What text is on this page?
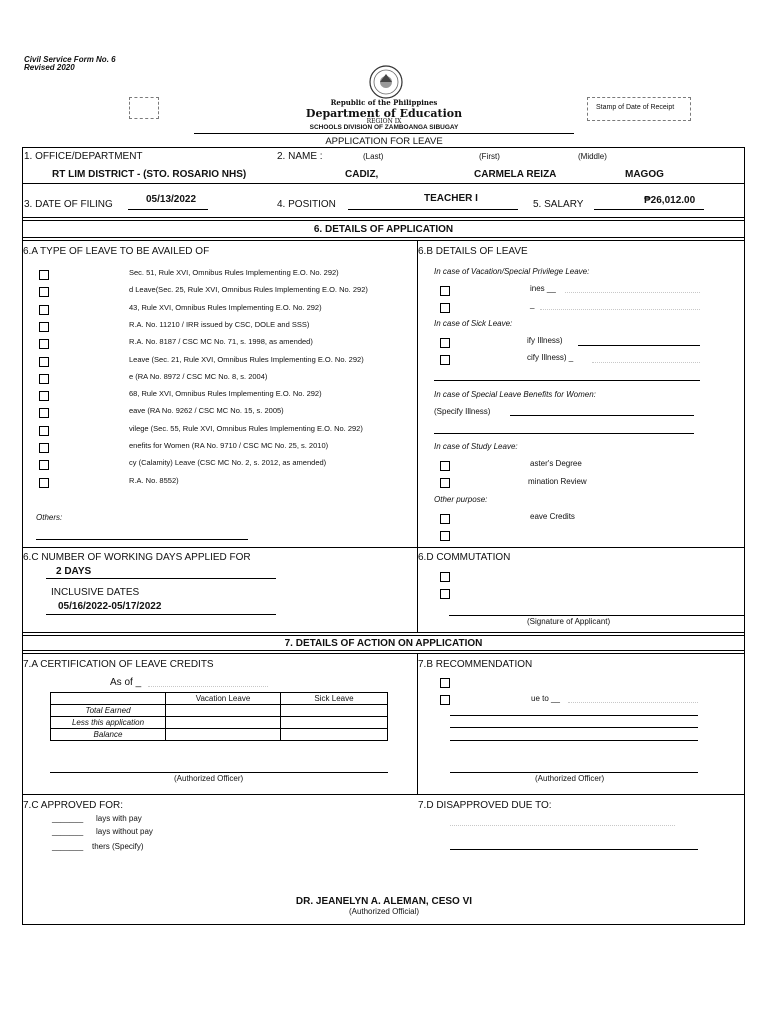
Civil Service Form No. 6
Revised 2020
Republic of the Philippines
Department of Education
REGION IX
SCHOOLS DIVISION OF ZAMBOANGA SIBUGAY
APPLICATION FOR LEAVE
Stamp of Date of Receipt
1. OFFICE/DEPARTMENT
RT LIM DISTRICT - (STO. ROSARIO NHS)
2. NAME :	(Last)	(First)	(Middle)
CADIZ,	CARMELA REIZA	MAGOG
3. DATE OF FILING	05/13/2022	4. POSITION
TEACHER I
5. SALARY	₱26,012.00
6. DETAILS OF APPLICATION
6.A TYPE OF LEAVE TO BE AVAILED OF
Sec. 51, Rule XVI, Omnibus Rules Implementing E.O. No. 292)
d Leave(Sec. 25, Rule XVI, Omnibus Rules Implementing E.O. No. 292)
43, Rule XVI, Omnibus Rules Implementing E.O. No. 292)
R.A. No. 11210 / IRR issued by CSC, DOLE and SSS)
R.A. No. 8187 / CSC MC No. 71, s. 1998, as amended)
Leave (Sec. 21, Rule XVI, Omnibus Rules Implementing E.O. No. 292)
e (RA No. 8972 / CSC MC No. 8, s. 2004)
68, Rule XVI, Omnibus Rules Implementing E.O. No. 292)
eave (RA No. 9262 / CSC MC No. 15, s. 2005)
vilege (Sec. 55, Rule XVI, Omnibus Rules Implementing E.O. No. 292)
enefits for Women (RA No. 9710 / CSC MC No. 25, s. 2010)
cy (Calamity) Leave (CSC MC No. 2, s. 2012, as amended)
R.A. No. 8552)
Others:
6.B DETAILS OF LEAVE
In case of Vacation/Special Privilege Leave:
ines __
_
In case of Sick Leave:
ify Illness)
cify Illness) _
In case of Special Leave Benefits for Women:
(Specify Illness)
In case of Study Leave:
aster's Degree
mination Review
Other purpose:
eave Credits
6.C NUMBER OF WORKING DAYS APPLIED FOR
2 DAYS
INCLUSIVE DATES
05/16/2022-05/17/2022
6.D COMMUTATION
(Signature of Applicant)
7. DETAILS OF ACTION ON APPLICATION
7.A CERTIFICATION OF LEAVE CREDITS
As of _
	Vacation Leave	Sick Leave
Total Earned		
Less this application		
Balance		
(Authorized Officer)
7.B RECOMMENDATION
ue to __
(Authorized Officer)
7.C APPROVED FOR:
_______ lays with pay
_______ lays without pay
_______ thers (Specify)
7.D DISAPPROVED DUE TO:
(Authorized Official)
DR. JEANELYN A. ALEMAN, CESO VI
